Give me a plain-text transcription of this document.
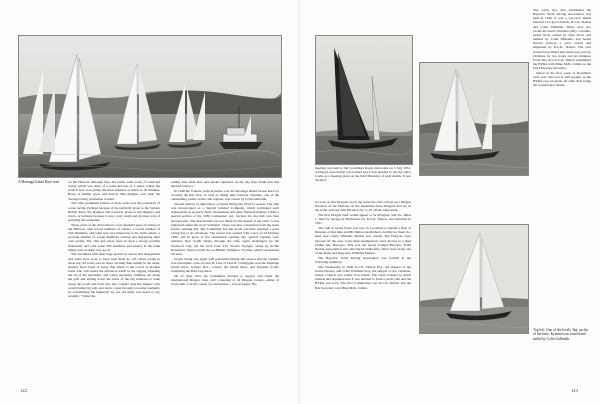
A Montagu Island Race start.	on the Harbour although they did prefer some form of restricted racing which was more of a team and less of a chase, where the scratch boat was giving the most markers as much as 40 minutes. Boats of similar types will narrow time margins over what the average racing yachtsman wanted.

The other prominent feature of those years was the popularity of ocean racing. Perhaps because of the publicity given to the Sydney Hobart Race, the glamour and notoriety given to the skippers and crews, or perhaps because it was a very tough and glorious way of spending the weekends.

Those years of the club's history were splendid years of racing on the Harbour, with record numbers of entries, a record number of club members, and what was very important to the club's future, a growing number of young members owning and skippering their own yachts. The club had never been in such a strong position financially and with some 200 members and money in the bank things were looking very good.

The old timers with their huge spread of canvas had disappeared and some were sorry to have seen them go. Of course racing in those big old boats was no more exciting than sailing in the sleek, modern moto boats of today. But where is the crowd of modern boats who will spend the afternoon adrift in the rigging adjusting the set of the spinnaker, and where necessary climbing out along the gaff and sliding down the truck of the big mainsail to walk along the boom and back into the cockpit? And the skipper who would bump big sails and leave a gust through a roaring southerly by scandalising his mainsail? As one old timer was heard to say recently: "Today the

sailing men drink beer and smoke cigarettes. In my day they drank rum and chewed tobacco."

In 1948 the 8 metre yacht Kyeema won the Montagu Island Ocean Race by crossing the line first, as well as taking time honours. Kyeema, one of the outstanding yachts on the club register, was owned by Colin Galbraith.

Several matters of importance occurred during the 1950-51 season. The club was incorporated as a Special Limited Company, which facilitated such transactions as property deals, investments and other financial matters. Under a special section of the 1936 Companies' Act, Section 24, the club was then incorporated. The Association was not liable for his Assets of the Club; it was registered under the word "Limited". There was also a departure from the usual festive opening day. The Committee felt the social activities required a good racing day to an advantage. The season was opened with a race on 23 October 1950, and in place of the ceremonial opening day, special trophies were donated. New South Wales, through the club, again challenged for the Northcott Cup, but the local boat, T.D. Stock's Voyager, sailed by Archie Robertson, failed to beat the ex-British champion, Yvonne, which represented Victoria.

Ocean racing was again well patronised during this season and the weather was favourable. Lass of Luss II, Lass of Luss II, Callipygian won the Montagu Island Race, Gymea (G.L. Carter) the Island Race, and Kyeema (Colin Galbraith) the Bass Cup Race.

On 21 June 1951 the Committee decided to support and foster the international Dragon class, and a meeting of all Dragon owners—either of boats built or in the course of construction—was arranged. The

122

meeting was held in the Corinthian Room clubrooms on 5 July 1951. A Dragon Association was formed and it was decided to use the club's rooms as a meeting place on the third Thursday of each month. It was decided:

As soon as five Dragons are in the water the club will set up a Dragon Division on the Harbour. In the meantime these Dragons that are in the water will sail with Division No. 5, all off the same mark.

The first Dragon built would appear to be Platypus, Sail No. DKA 1, built by Savage in Melbourne for K.C.K. Dalton, and launched in 1951.

The club at Green Point was now in a position to handle a fleet of Dragons at that time and Mr Dalton established a facility for them in a shed near where Williams Marina now stands. The Dragons were moored off the area. Later their headquarters were moved to a shed farther into Bayview. This was the newly formed Bayview Yacht Racing Association who introduced Sunbeams which were along one of the many and huge new Williams Marina.

The Bayview Yacht Racing Association was formed in the following summary:

One Wednesday in 1949 K.C.K. Dalton Esq., the skipper of the Green Daveru, and Colin Williams Esq., the skipper of the Christina, sailed a match race round Lion Island. The event aroused so much interest and argument that it was decided to form a yacht club and the BYRA was born. The first Commodore was K.C.K. Dalton and the first Secretary was Mike McK. Cullen.

The yacht race that established the Bayview Yacht Racing Association was held in 1949. It was a 'pre-race' match between two good friends, K.C.K. Dalton and Colin Williams. There were two yachts involved. Christina (left), a double-ended sloop owned by John Snow and helmed by Colin Williams, and Green Daveru (above) a yawl owned and skippered by K.C.K. Dalton. The race around Lion Island and return was won by Christina by two hours and six minutes. From this race K.C.K. Dalton established the BYRA with Mike McK. Cullen as the first Honorary Secretary.

Sailed in the first week of November each year, this race is still popular on the BYRA race program, all other than being the cornerboard classes.

Top left: One of the lovely 'big' yachts of her time, Kyeema was owned and sailed by Colin Galbraith.
123
